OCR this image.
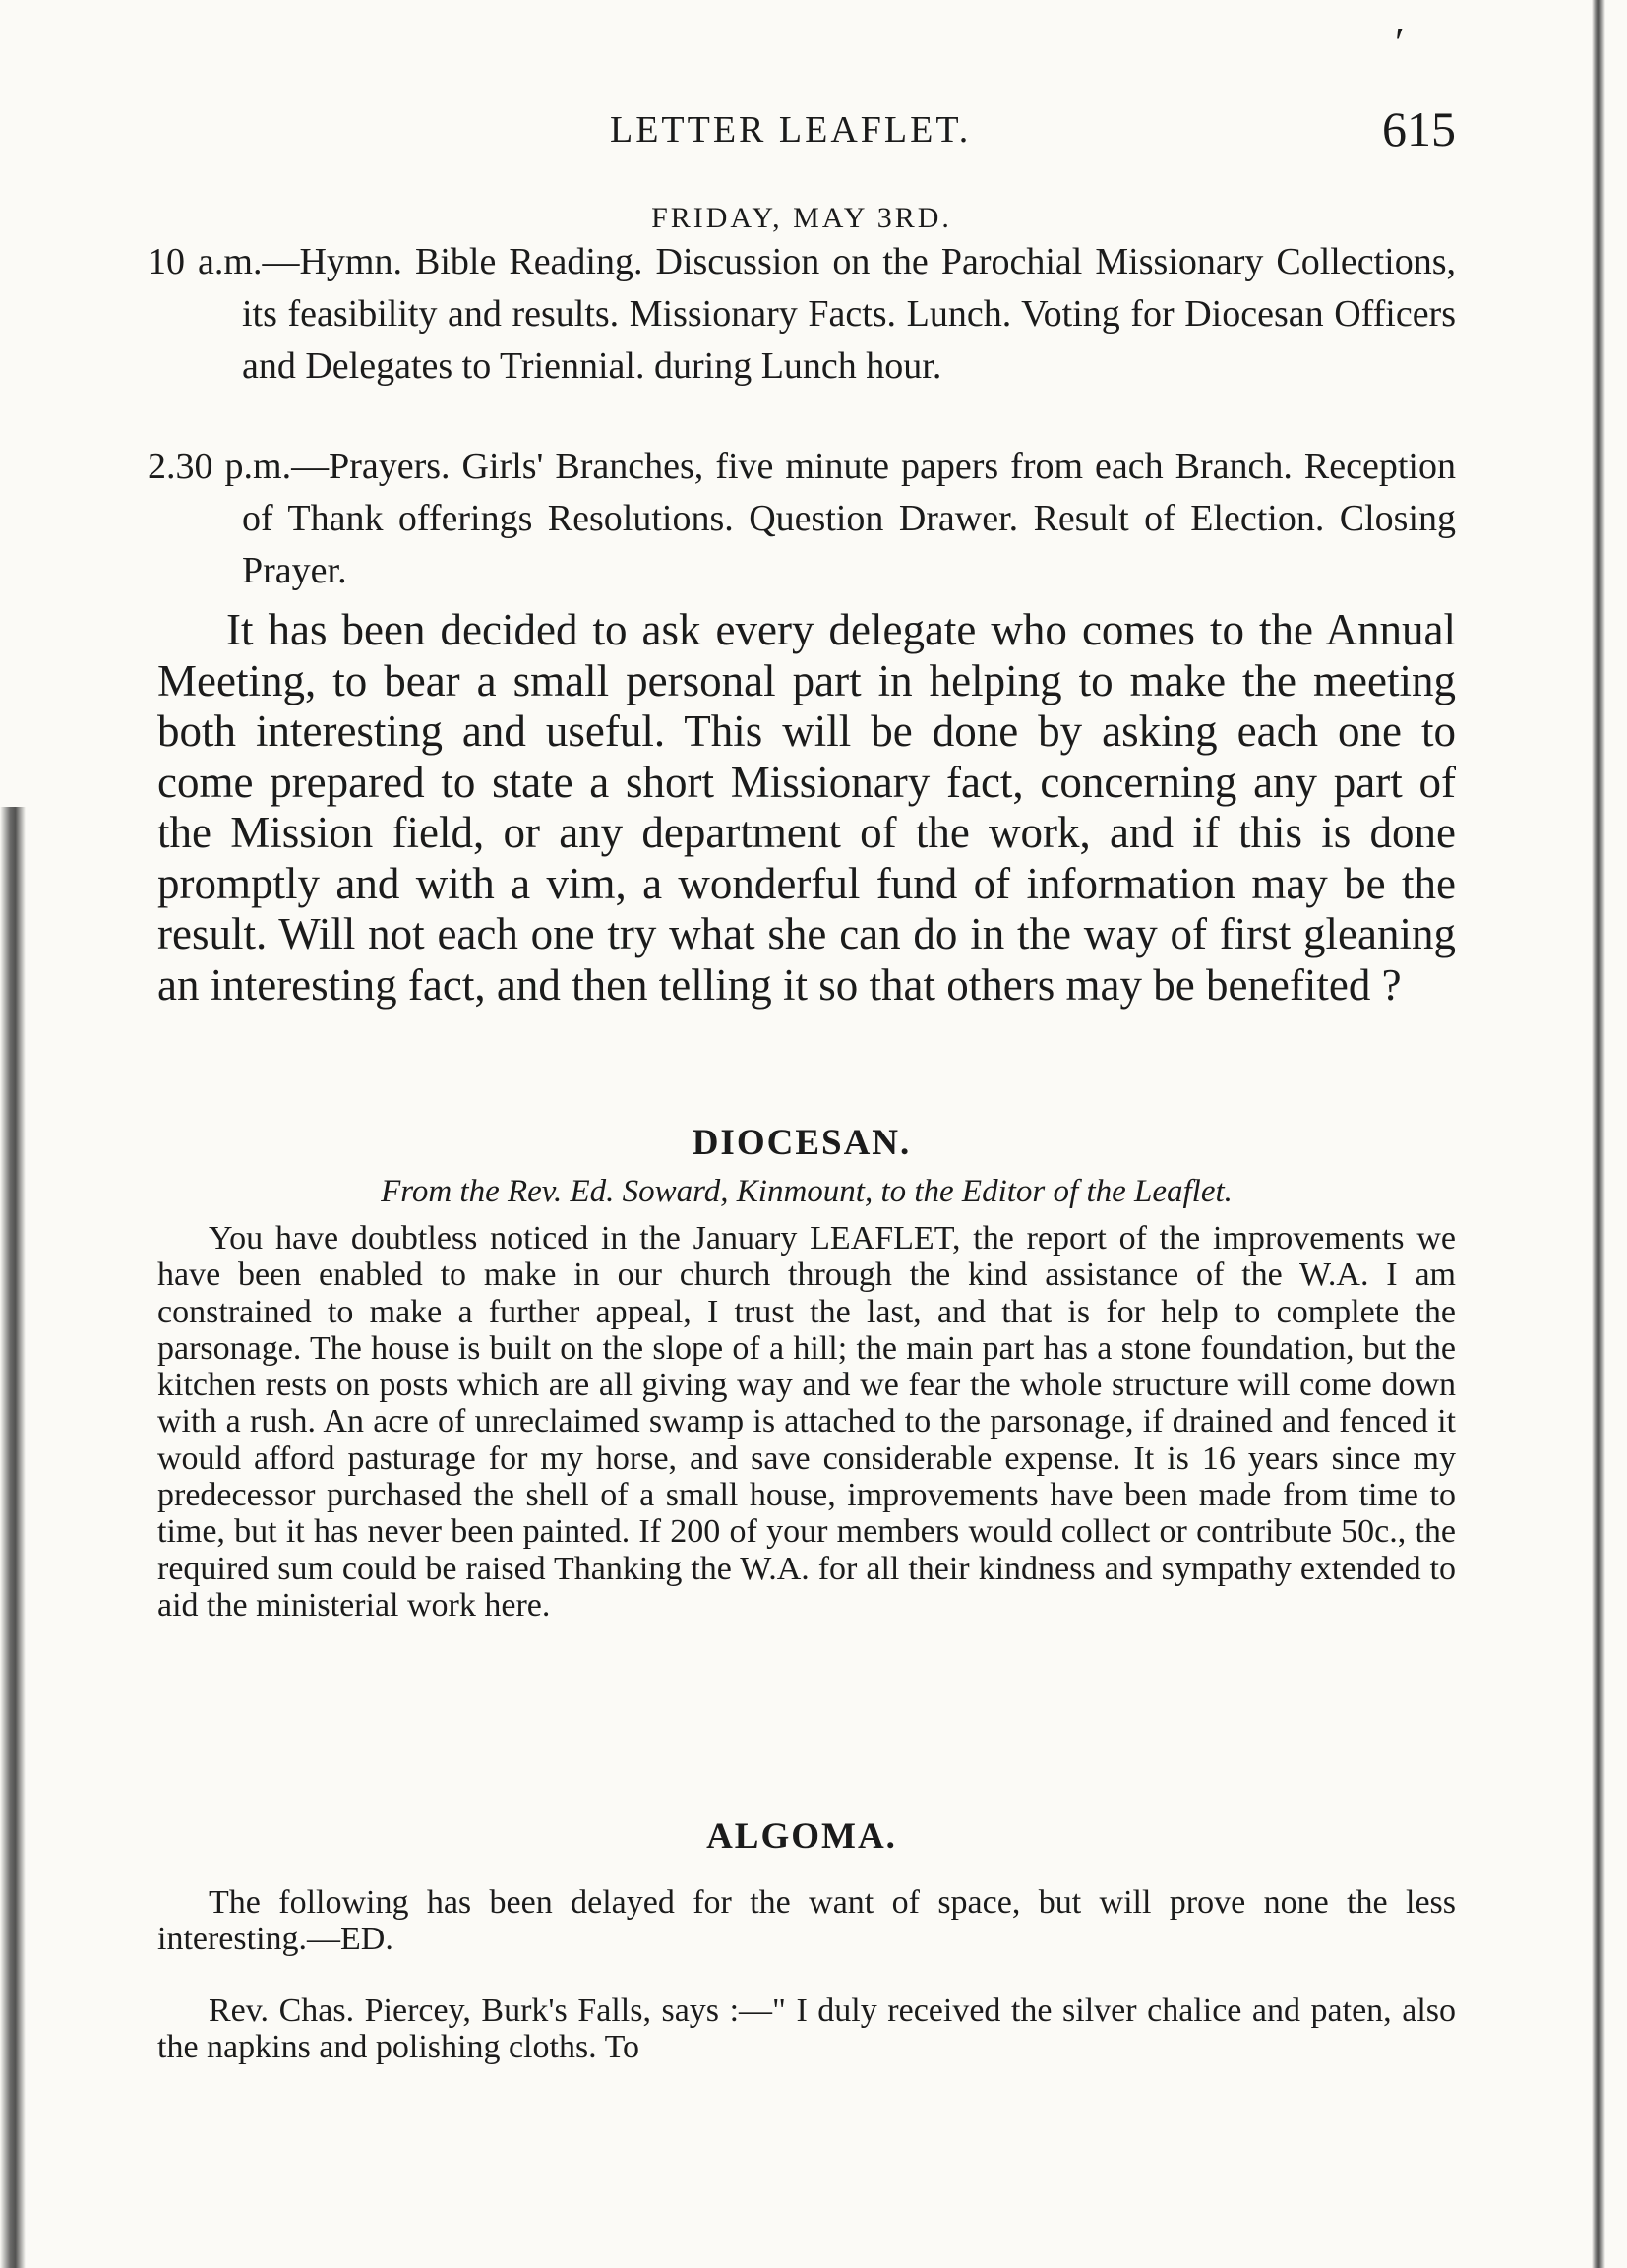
′
LETTER LEAFLET.	615
FRIDAY, MAY 3RD.

10 a.m.—Hymn. Bible Reading. Discussion on the Parochial Missionary Collections, its feasibility and results. Missionary Facts. Lunch. Voting for Diocesan Officers and Delegates to Triennial. during Lunch hour.

2.30 p.m.—Prayers. Girls' Branches, five minute papers from each Branch. Reception of Thank offerings Resolutions. Question Drawer. Result of Election. Closing Prayer.

It has been decided to ask every delegate who comes to the Annual Meeting, to bear a small personal part in helping to make the meeting both interesting and useful. This will be done by asking each one to come prepared to state a short Missionary fact, concerning any part of the Mission field, or any department of the work, and if this is done promptly and with a vim, a wonderful fund of information may be the result. Will not each one try what she can do in the way of first gleaning an interesting fact, and then telling it so that others may be benefited ?

DIOCESAN.

From the Rev. Ed. Soward, Kinmount, to the Editor of the Leaflet.

You have doubtless noticed in the January LEAFLET, the report of the improvements we have been enabled to make in our church through the kind assistance of the W.A. I am constrained to make a further appeal, I trust the last, and that is for help to complete the parsonage. The house is built on the slope of a hill; the main part has a stone foundation, but the kitchen rests on posts which are all giving way and we fear the whole structure will come down with a rush. An acre of unreclaimed swamp is attached to the parsonage, if drained and fenced it would afford pasturage for my horse, and save considerable expense. It is 16 years since my predecessor purchased the shell of a small house, improvements have been made from time to time, but it has never been painted. If 200 of your members would collect or contribute 50c., the required sum could be raised Thanking the W.A. for all their kindness and sympathy extended to aid the ministerial work here.

ALGOMA.

The following has been delayed for the want of space, but will prove none the less interesting.—ED.

Rev. Chas. Piercey, Burk's Falls, says :—" I duly received the silver chalice and paten, also the napkins and polishing cloths. To
